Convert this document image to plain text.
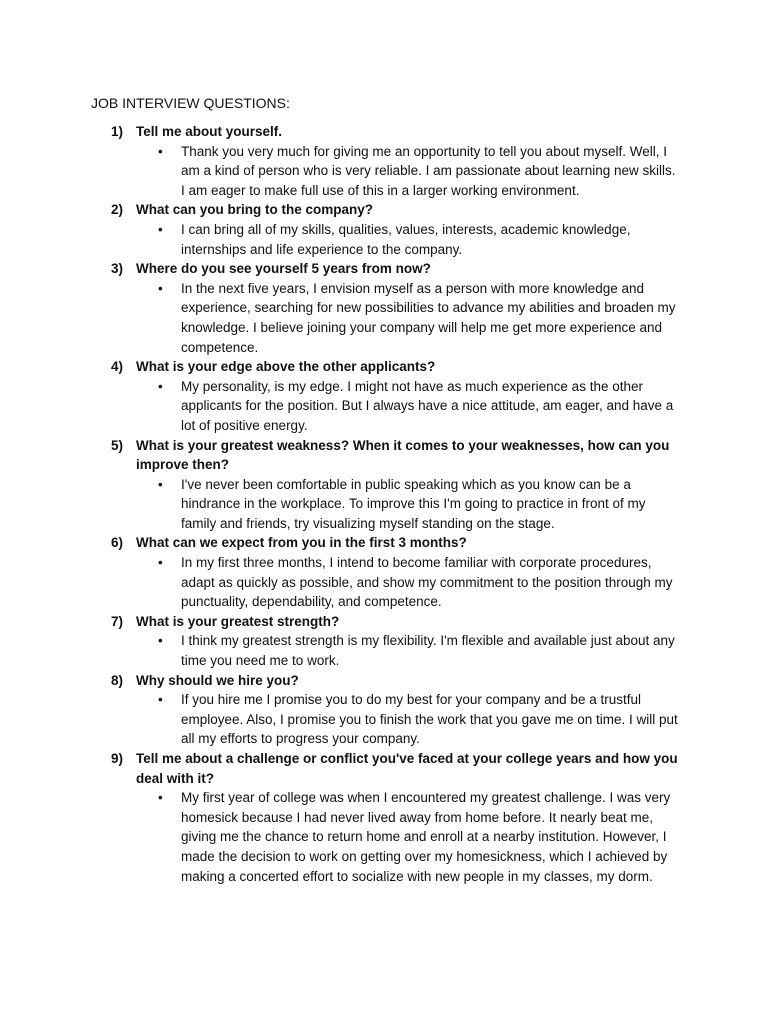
JOB INTERVIEW QUESTIONS:
1) Tell me about yourself.
• Thank you very much for giving me an opportunity to tell you about myself. Well, I am a kind of person who is very reliable. I am passionate about learning new skills. I am eager to make full use of this in a larger working environment.
2) What can you bring to the company?
• I can bring all of my skills, qualities, values, interests, academic knowledge, internships and life experience to the company.
3) Where do you see yourself 5 years from now?
• In the next five years, I envision myself as a person with more knowledge and experience, searching for new possibilities to advance my abilities and broaden my knowledge. I believe joining your company will help me get more experience and competence.
4) What is your edge above the other applicants?
• My personality, is my edge. I might not have as much experience as the other applicants for the position. But I always have a nice attitude, am eager, and have a lot of positive energy.
5) What is your greatest weakness? When it comes to your weaknesses, how can you improve then?
• I've never been comfortable in public speaking which as you know can be a hindrance in the workplace. To improve this I'm going to practice in front of my family and friends, try visualizing myself standing on the stage.
6) What can we expect from you in the first 3 months?
• In my first three months, I intend to become familiar with corporate procedures, adapt as quickly as possible, and show my commitment to the position through my punctuality, dependability, and competence.
7) What is your greatest strength?
• I think my greatest strength is my flexibility. I'm flexible and available just about any time you need me to work.
8) Why should we hire you?
• If you hire me I promise you to do my best for your company and be a trustful employee. Also, I promise you to finish the work that you gave me on time. I will put all my efforts to progress your company.
9) Tell me about a challenge or conflict you've faced at your college years and how you deal with it?
• My first year of college was when I encountered my greatest challenge. I was very homesick because I had never lived away from home before. It nearly beat me, giving me the chance to return home and enroll at a nearby institution. However, I made the decision to work on getting over my homesickness, which I achieved by making a concerted effort to socialize with new people in my classes, my dorm.
